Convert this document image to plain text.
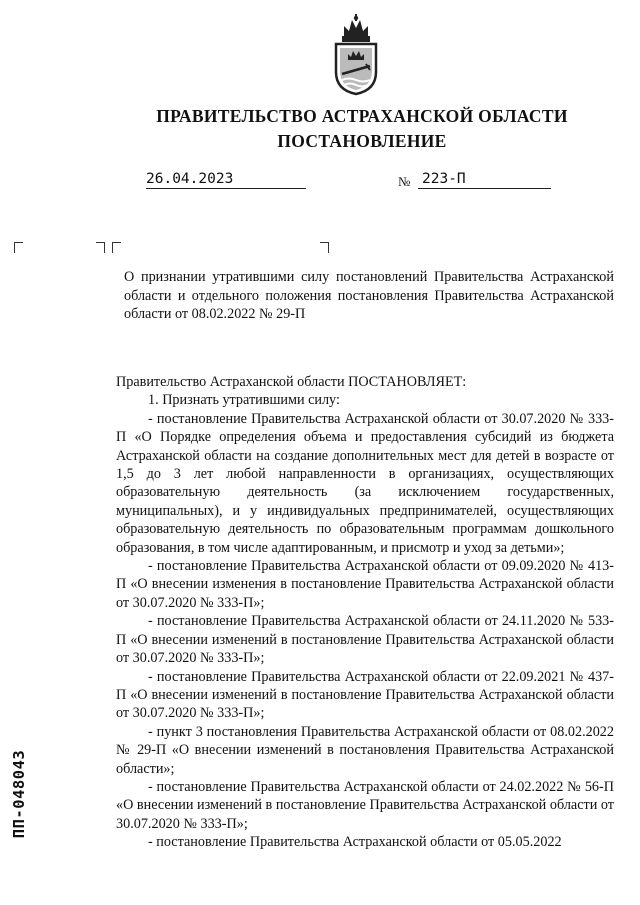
ПРАВИТЕЛЬСТВО АСТРАХАНСКОЙ ОБЛАСТИ
ПОСТАНОВЛЕНИЕ
26.04.2023	№ 223-П
О признании утратившими силу постановлений Правительства Астраханской области и отдельного положения постановления Правительства Астраханской области от 08.02.2022 № 29-П

Правительство Астраханской области ПОСТАНОВЛЯЕТ:

1. Признать утратившими силу:

- постановление Правительства Астраханской области от 30.07.2020 № 333-П «О Порядке определения объема и предоставления субсидий из бюджета Астраханской области на создание дополнительных мест для детей в возрасте от 1,5 до 3 лет любой направленности в организациях, осуществляющих образовательную деятельность (за исключением государственных, муниципальных), и у индивидуальных предпринимателей, осуществляющих образовательную деятельность по образовательным программам дошкольного образования, в том числе адаптированным, и присмотр и уход за детьми»;

- постановление Правительства Астраханской области от 09.09.2020 № 413-П «О внесении изменения в постановление Правительства Астраханской области от 30.07.2020 № 333-П»;

- постановление Правительства Астраханской области от 24.11.2020 № 533-П «О внесении изменений в постановление Правительства Астраханской области от 30.07.2020 № 333-П»;

- постановление Правительства Астраханской области от 22.09.2021 № 437-П «О внесении изменений в постановление Правительства Астраханской области от 30.07.2020 № 333-П»;

- пункт 3 постановления Правительства Астраханской области от 08.02.2022 № 29-П «О внесении изменений в постановления Правительства Астраханской области»;

- постановление Правительства Астраханской области от 24.02.2022 № 56-П «О внесении изменений в постановление Правительства Астраханской области от 30.07.2020 № 333-П»;

- постановление Правительства Астраханской области от 05.05.2022

ПП-048043
